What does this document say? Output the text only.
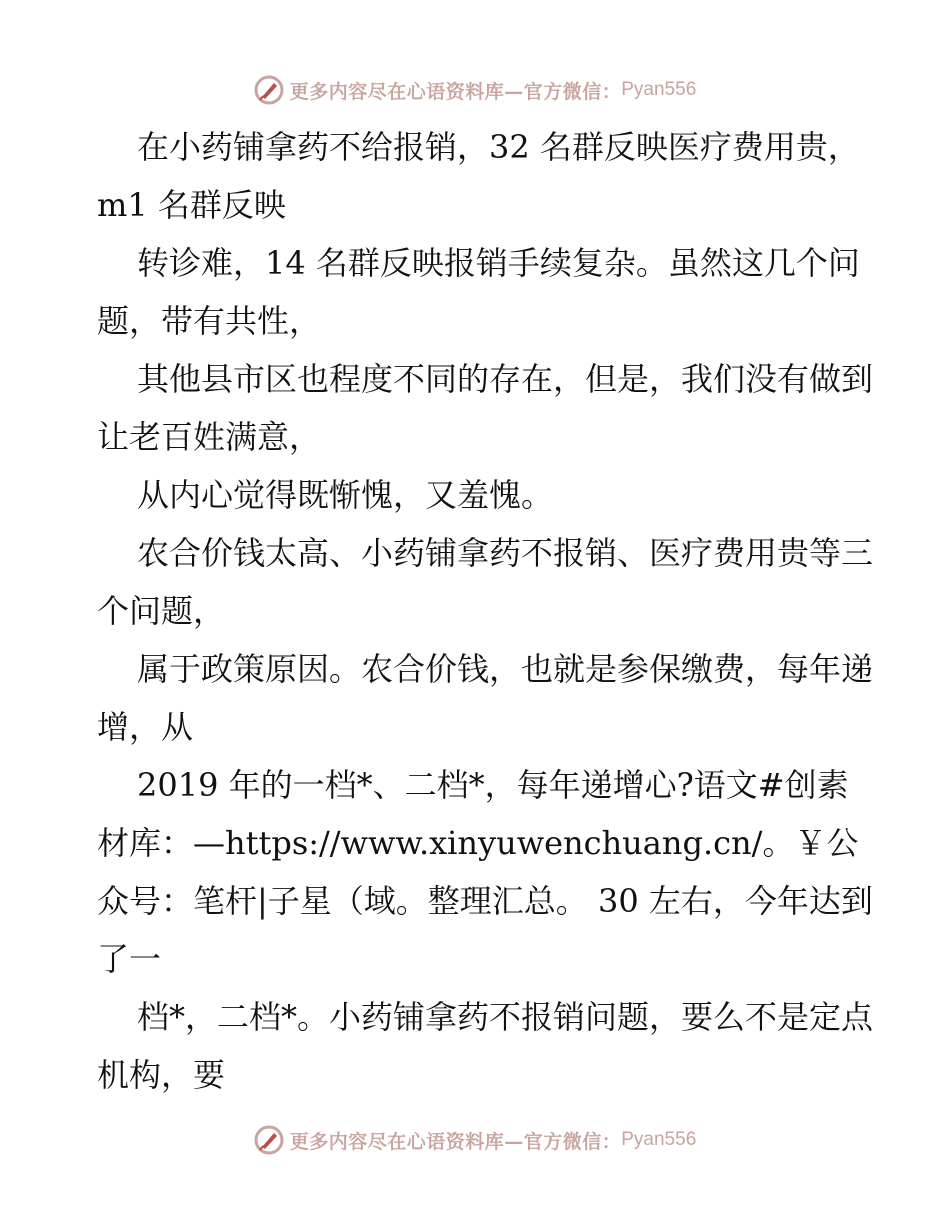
更多内容尽在心语资料库—官方微信： Pyan556

在小药铺拿药不给报销，32 名群反映医疗费用贵，m1 名群反映

转诊难，14 名群反映报销手续复杂。虽然这几个问题，带有共性，

其他县市区也程度不同的存在，但是，我们没有做到让老百姓满意，

从内心觉得既惭愧，又羞愧。

农合价钱太高、小药铺拿药不报销、医疗费用贵等三个问题，

属于政策原因。农合价钱，也就是参保缴费，每年递增，从

2019 年的一档*、二档*，每年递增心?语文#创素材库：—https://www.xinyuwenchuang.cn/。￥公众号：笔杆|子星（域。整理汇总。 30 左右，今年达到了一

档*，二档*。小药铺拿药不报销问题，要么不是定点机构，要

更多内容尽在心语资料库—官方微信： Pyan556
